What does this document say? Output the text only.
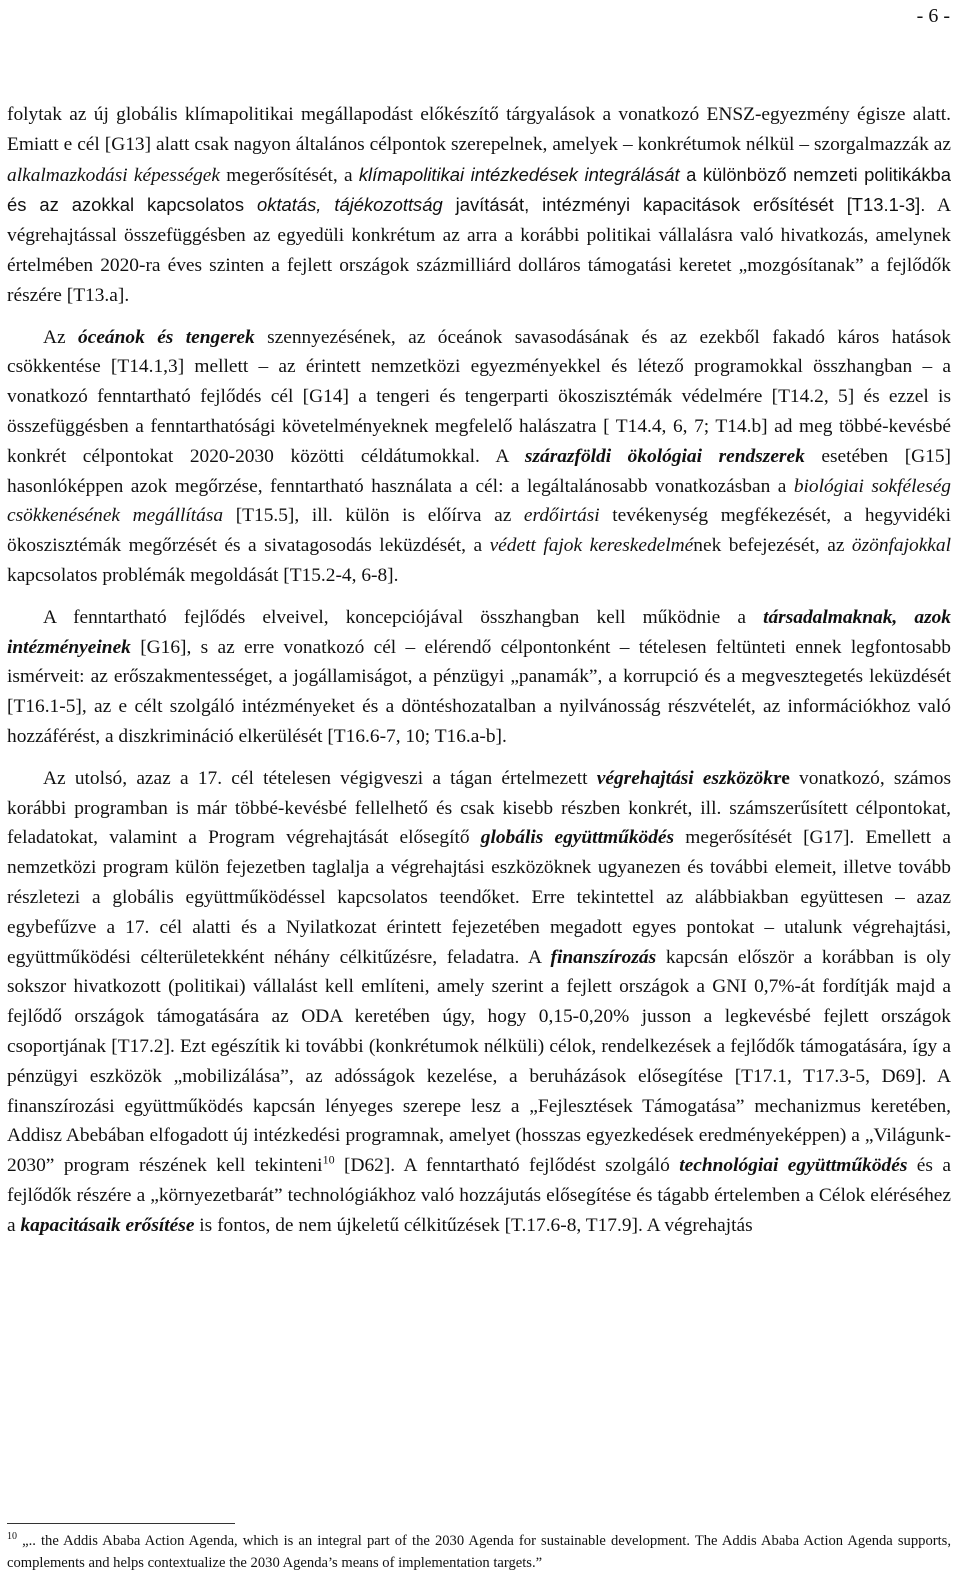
- 6 -

folytak az új globális klímapolitikai megállapodást előkészítő tárgyalások a vonatkozó ENSZ-egyezmény égisze alatt. Emiatt e cél [G13] alatt csak nagyon általános célpontok szerepelnek, amelyek – konkrétumok nélkül – szorgalmazzák az alkalmazkodási képességek megerősítését, a klímapolitikai intézkedések integrálását a különböző nemzeti politikákba és az azokkal kapcsolatos oktatás, tájékozottság javítását, intézményi kapacitások erősítését [T13.1-3]. A végrehajtással összefüggésben az egyedüli konkrétum az arra a korábbi politikai vállalásra való hivatkozás, amelynek értelmében 2020-ra éves szinten a fejlett országok százmilliárd dolláros támogatási keretet „mozgósítanak” a fejlődők részére [T13.a].

Az óceánok és tengerek szennyezésének, az óceánok savasodásának és az ezekből fakadó káros hatások csökkentése [T14.1,3] mellett – az érintett nemzetközi egyezményekkel és létező programokkal összhangban – a vonatkozó fenntartható fejlődés cél [G14] a tengeri és tengerparti ökoszisztémák védelmére [T14.2, 5] és ezzel is összefüggésben a fenntarthatósági követelményeknek megfelelő halászatra [ T14.4, 6, 7; T14.b] ad meg többé-kevésbé konkrét célpontokat 2020-2030 közötti céldátumokkal. A szárazföldi ökológiai rendszerek esetében [G15] hasonlóképpen azok megőrzése, fenntartható használata a cél: a legáltalánosabb vonatkozásban a biológiai sokféleség csökkenésének megállítása [T15.5], ill. külön is előírva az erdőirtási tevékenység megfékezését, a hegyvidéki ökoszisztémák megőrzését és a sivatagosodás leküzdését, a védett fajok kereskedelmének befejezését, az özönfajokkal kapcsolatos problémák megoldását [T15.2-4, 6-8].

A fenntartható fejlődés elveivel, koncepciójával összhangban kell működnie a társadalmaknak, azok intézményeinek [G16], s az erre vonatkozó cél – elérendő célpontonként – tételesen feltünteti ennek legfontosabb ismérveit: az erőszakmentességet, a jogállamiságot, a pénzügyi „panamák”, a korrupció és a megvesztegetés leküzdését [T16.1-5], az e célt szolgáló intézményeket és a döntéshozatalban a nyilvánosság részvételét, az információkhoz való hozzáférést, a diszkrimináció elkerülését [T16.6-7, 10; T16.a-b].

Az utolsó, azaz a 17. cél tételesen végigveszi a tágan értelmezett végrehajtási eszközökre vonatkozó, számos korábbi programban is már többé-kevésbé fellelhető és csak kisebb részben konkrét, ill. számszerűsített célpontokat, feladatokat, valamint a Program végrehajtását elősegítő globális együttműködés megerősítését [G17]. Emellett a nemzetközi program külön fejezetben taglalja a végrehajtási eszközöknek ugyanezen és további elemeit, illetve tovább részletezi a globális együttműködéssel kapcsolatos teendőket. Erre tekintettel az alábbiakban együttesen – azaz egybefűzve a 17. cél alatti és a Nyilatkozat érintett fejezetében megadott egyes pontokat – utalunk végrehajtási, együttműködési célterületekként néhány célkitűzésre, feladatra. A finanszírozás kapcsán először a korábban is oly sokszor hivatkozott (politikai) vállalást kell említeni, amely szerint a fejlett országok a GNI 0,7%-át fordítják majd a fejlődő országok támogatására az ODA keretében úgy, hogy 0,15-0,20% jusson a legkevésbé fejlett országok csoportjának [T17.2]. Ezt egészítik ki további (konkrétumok nélküli) célok, rendelkezések a fejlődők támogatására, így a pénzügyi eszközök „mobilizálása”, az adósságok kezelése, a beruházások elősegítése [T17.1, T17.3-5, D69]. A finanszírozási együttműködés kapcsán lényeges szerepe lesz a „Fejlesztések Támogatása” mechanizmus keretében, Addisz Abebában elfogadott új intézkedési programnak, amelyet (hosszas egyezkedések eredményeképpen) a „Világunk-2030” program részének kell tekinteni$^{10}$ [D62]. A fenntartható fejlődést szolgáló technológiai együttműködés és a fejlődők részére a „környezetbarát” technológiákhoz való hozzájutás elősegítése és tágabb értelemben a Célok eléréséhez a kapacitásaik erősítése is fontos, de nem újkeletű célkitűzések [T.17.6-8, T17.9]. A végrehajtás

$^{10}$ „.. the Addis Ababa Action Agenda, which is an integral part of the 2030 Agenda for sustainable development. The Addis Ababa Action Agenda supports, complements and helps contextualize the 2030 Agenda’s means of implementation targets.”
